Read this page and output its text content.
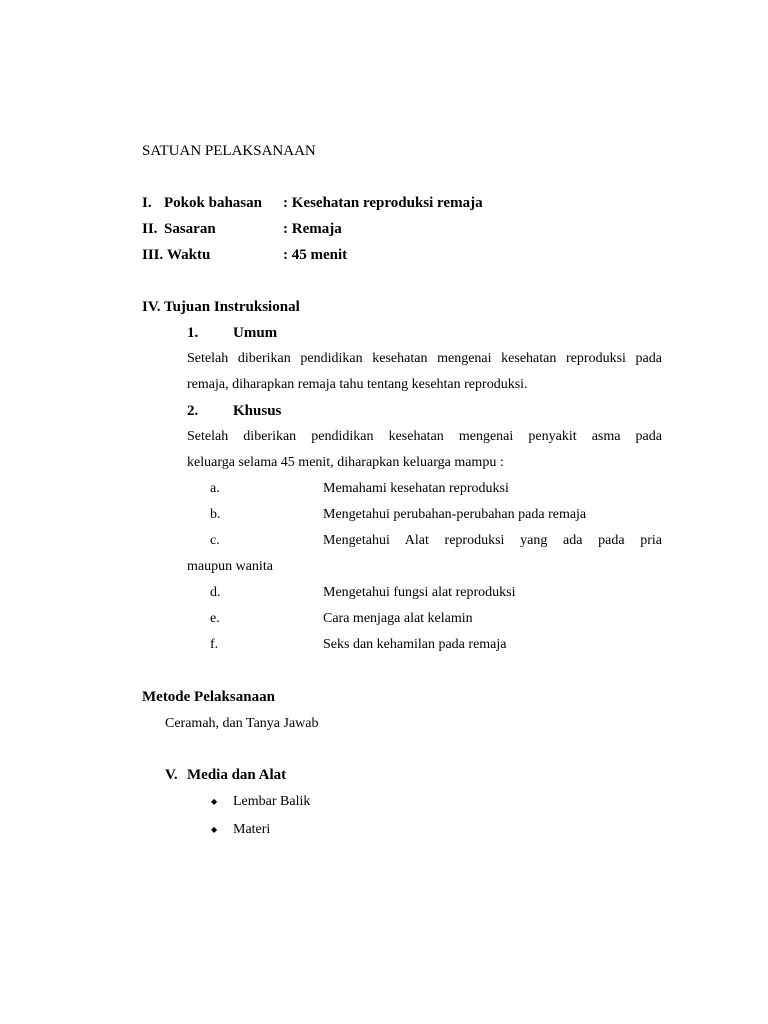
SATUAN PELAKSANAAN
I. Pokok bahasan : Kesehatan reproduksi remaja
II. Sasaran	: Remaja
III. Waktu	: 45 menit
IV. Tujuan Instruksional
1. Umum
Setelah diberikan pendidikan kesehatan mengenai kesehatan reproduksi pada
remaja, diharapkan remaja tahu tentang kesehtan reproduksi.
2. Khusus
Setelah diberikan pendidikan kesehatan mengenai penyakit asma pada
keluarga selama 45 menit, diharapkan keluarga mampu :
a.	Memahami kesehatan reproduksi
b.	Mengetahui perubahan-perubahan pada remaja
c.	Mengetahui Alat reproduksi yang ada pada pria
maupun wanita
d.	Mengetahui fungsi alat reproduksi
e.	Cara menjaga alat kelamin
f.	Seks dan kehamilan pada remaja
Metode Pelaksanaan
Ceramah, dan Tanya Jawab
V. Media dan Alat
◆ Lembar Balik
◆ Materi
